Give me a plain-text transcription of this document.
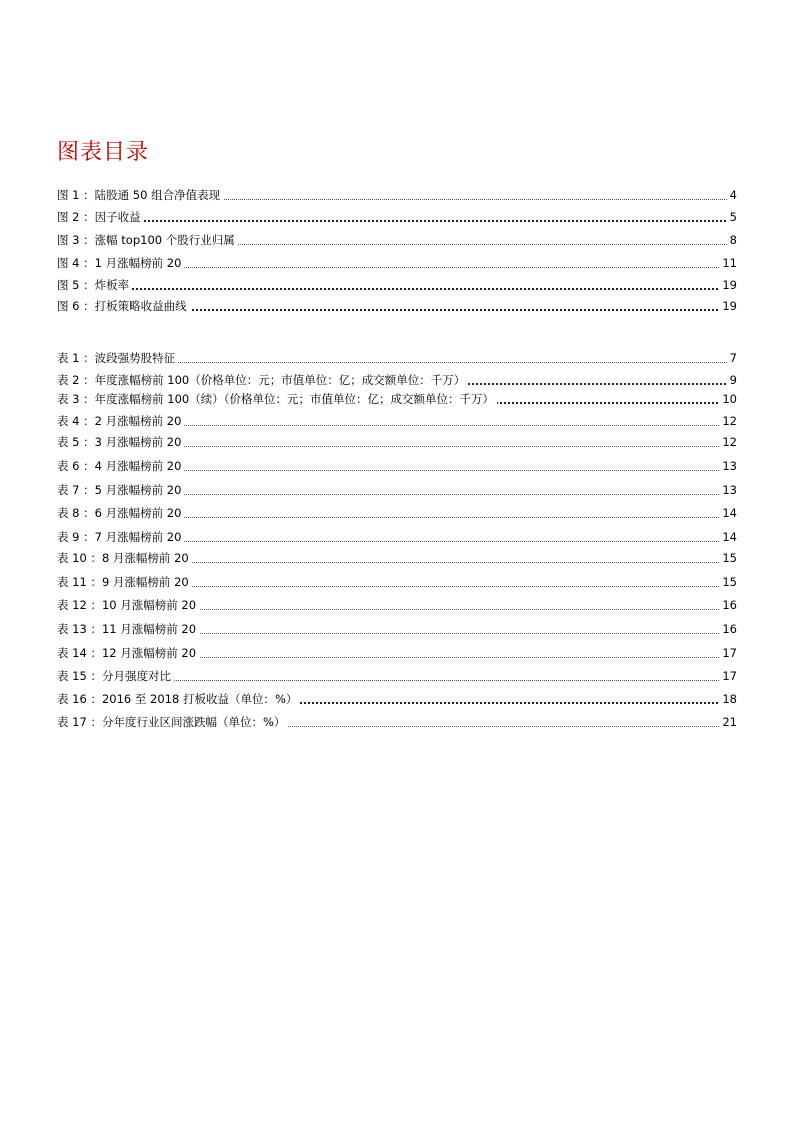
图表目录
图 1 ：陆股通 50 组合净值表现	4
图 2 ：因子收益	5
图 3 ：涨幅 top100 个股行业归属	8
图 4 ：1 月涨幅榜前 20	11
图 5 ：炸板率	19
图 6 ：打板策略收益曲线	19
表 1 ：波段强势股特征	7
表 2 ：年度涨幅榜前 100（价格单位：元；市值单位：亿；成交额单位：千万）	9
表 3 ：年度涨幅榜前 100（续）（价格单位：元；市值单位：亿；成交额单位：千万）	10
表 4 ：2 月涨幅榜前 20	12
表 5 ：3 月涨幅榜前 20	12
表 6 ：4 月涨幅榜前 20	13
表 7 ：5 月涨幅榜前 20	13
表 8 ：6 月涨幅榜前 20	14
表 9 ：7 月涨幅榜前 20	14
表 10 ：8 月涨幅榜前 20	15
表 11 ：9 月涨幅榜前 20	15
表 12 ：10 月涨幅榜前 20	16
表 13 ：11 月涨幅榜前 20	16
表 14 ：12 月涨幅榜前 20	17
表 15 ：分月强度对比	17
表 16 ：2016 至 2018 打板收益（单位：%）	18
表 17 ：分年度行业区间涨跌幅（单位：%）	21
